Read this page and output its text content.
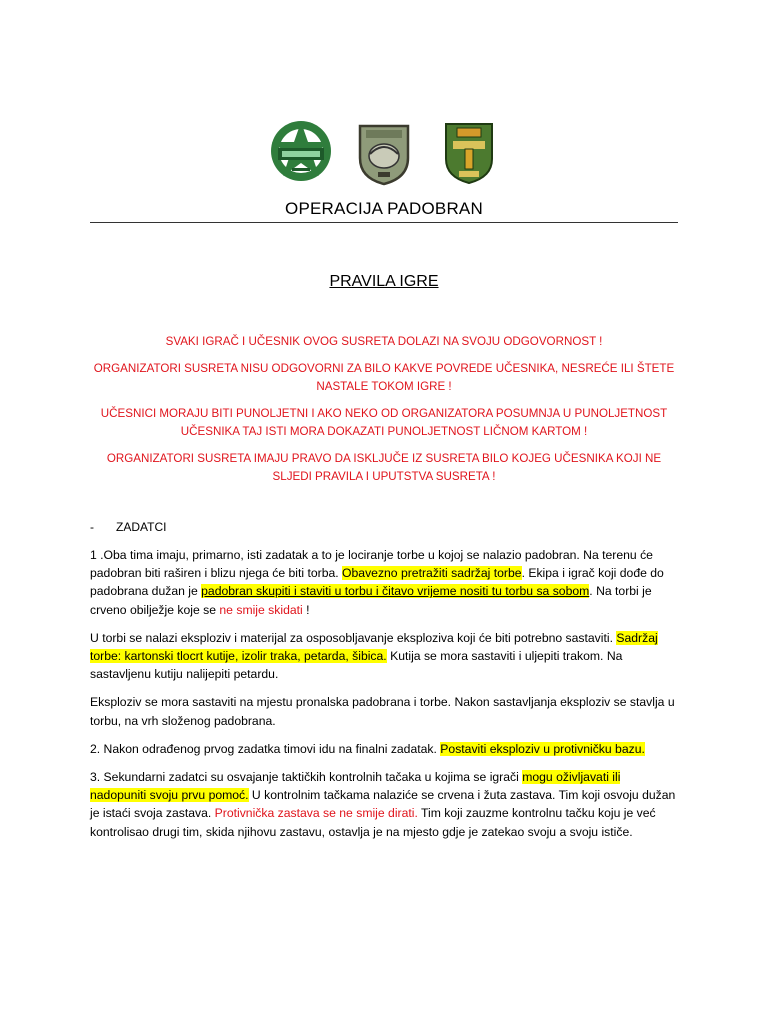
OPERACIJA PADOBRAN
PRAVILA IGRE

SVAKI IGRAČ I UČESNIK OVOG SUSRETA DOLAZI NA SVOJU ODGOVORNOST !

ORGANIZATORI SUSRETA NISU ODGOVORNI ZA BILO KAKVE POVREDE UČESNIKA, NESREĆE ILI ŠTETE NASTALE TOKOM IGRE !

UČESNICI MORAJU BITI PUNOLJETNI I AKO NEKO OD ORGANIZATORA POSUMNJA U PUNOLJETNOST UČESNIKA TAJ ISTI MORA DOKAZATI PUNOLJETNOST LIČNOM KARTOM !

ORGANIZATORI SUSRETA IMAJU PRAVO DA ISKLJUČE IZ SUSRETA BILO KOJEG UČESNIKA KOJI NE SLJEDI PRAVILA I UPUTSTVA SUSRETA !

- ZADATCI

1 .Oba tima imaju, primarno, isti zadatak a to je lociranje torbe u kojoj se nalazio padobran. Na terenu će padobran biti raširen i blizu njega će biti torba. Obavezno pretražiti sadržaj torbe. Ekipa i igrač koji dođe do padobrana dužan je padobran skupiti i staviti u torbu i čitavo vrijeme nositi tu torbu sa sobom. Na torbi je crveno obilježje koje se ne smije skidati !

U torbi se nalazi eksploziv i materijal za osposobljavanje eksploziva koji će biti potrebno sastaviti. Sadržaj torbe: kartonski tlocrt kutije, izolir traka, petarda, šibica. Kutija se mora sastaviti i uljepiti trakom. Na sastavljenu kutiju nalijepiti petardu.

Eksploziv se mora sastaviti na mjestu pronalska padobrana i torbe. Nakon sastavljanja eksploziv se stavlja u torbu, na vrh složenog padobrana.

2. Nakon odrađenog prvog zadatka timovi idu na finalni zadatak. Postaviti eksploziv u protivničku bazu.

3. Sekundarni zadatci su osvajanje taktičkih kontrolnih tačaka u kojima se igrači mogu oživljavati ili nadopuniti svoju prvu pomoć. U kontrolnim tačkama nalaziće se crvena i žuta zastava. Tim koji osvoju dužan je istaći svoja zastava. Protivnička zastava se ne smije dirati. Tim koji zauzme kontrolnu tačku koju je već kontrolisao drugi tim, skida njihovu zastavu, ostavlja je na mjesto gdje je zatekao svoju a svoju ističe.
